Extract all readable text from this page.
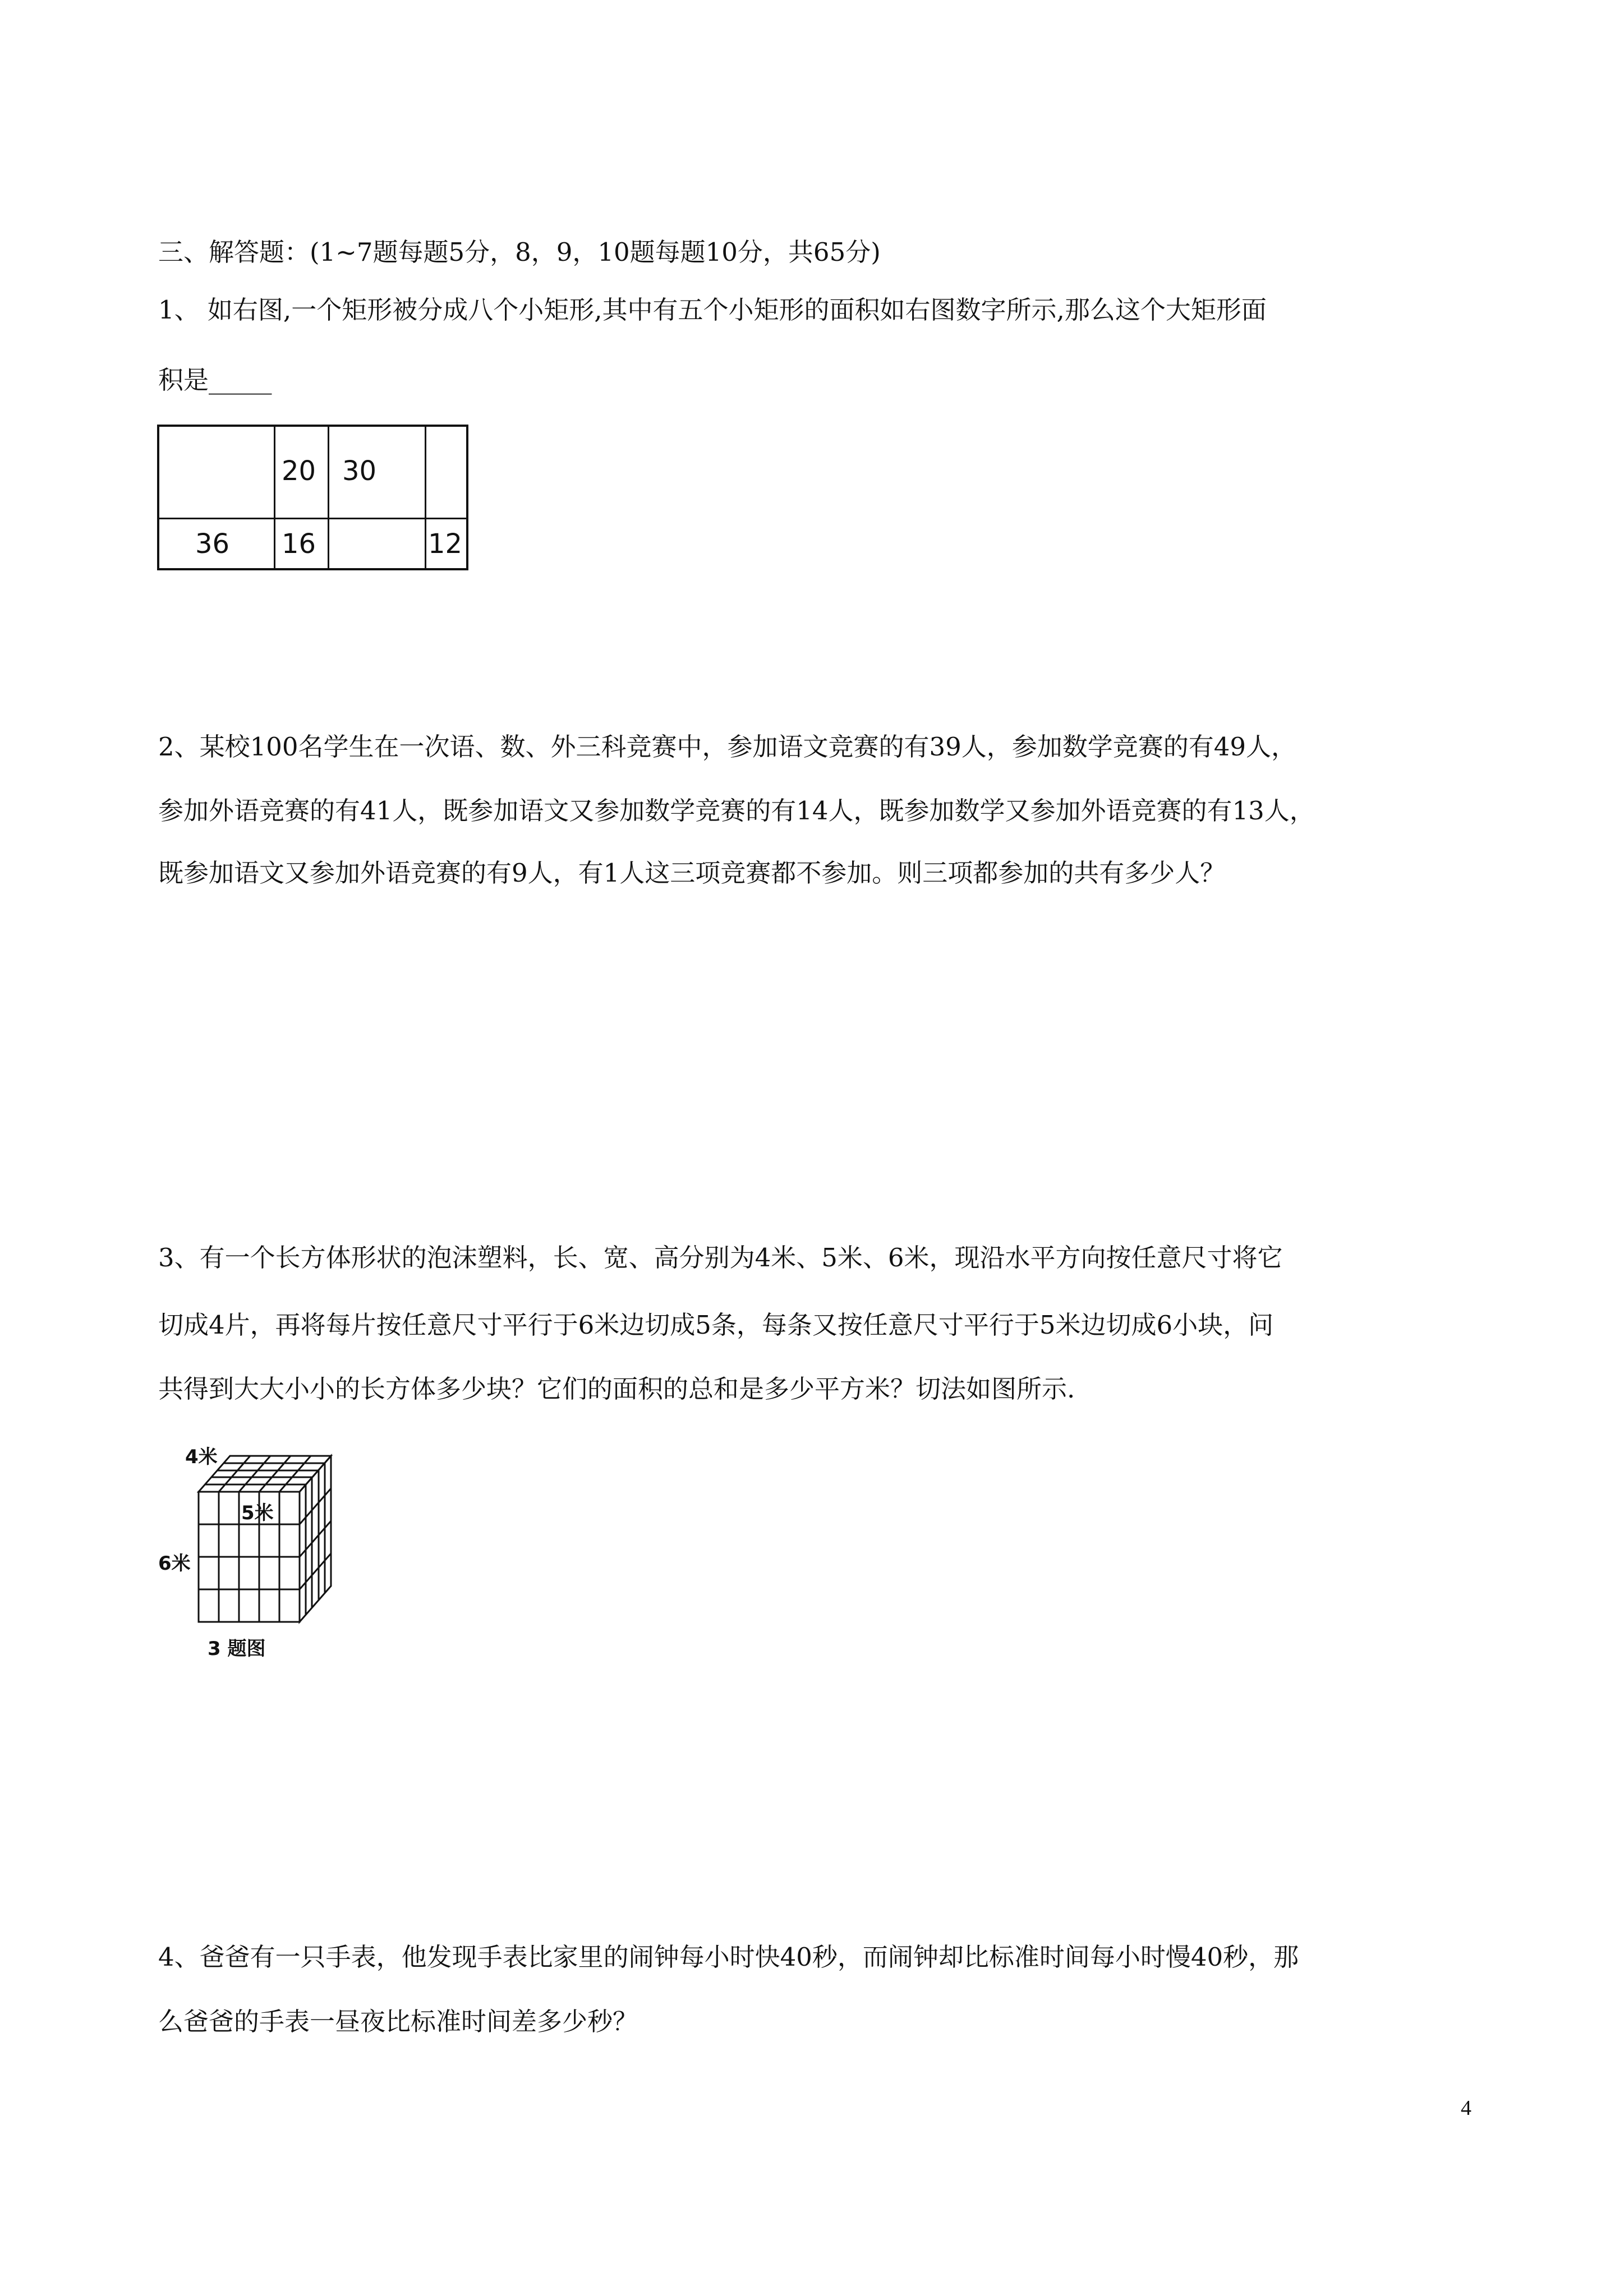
三、解答题：(1~7题每题5分，8，9，10题每题10分，共65分)
1、 如右图,一个矩形被分成八个小矩形,其中有五个小矩形的面积如右图数字所示,那么这个大矩形面
积是_____
20 30
36 16	12
2、某校100名学生在一次语、数、外三科竞赛中，参加语文竞赛的有39人，参加数学竞赛的有49人，
参加外语竞赛的有41人，既参加语文又参加数学竞赛的有14人，既参加数学又参加外语竞赛的有13人，
既参加语文又参加外语竞赛的有9人，有1人这三项竞赛都不参加。则三项都参加的共有多少人？
3、有一个长方体形状的泡沫塑料，长、宽、高分别为4米、5米、6米，现沿水平方向按任意尺寸将它
切成4片，再将每片按任意尺寸平行于6米边切成5条，每条又按任意尺寸平行于5米边切成6小块，问
共得到大大小小的长方体多少块？它们的面积的总和是多少平方米？切法如图所示.
4米
5米
6米
3 题图
4、爸爸有一只手表，他发现手表比家里的闹钟每小时快40秒，而闹钟却比标准时间每小时慢40秒，那
么爸爸的手表一昼夜比标准时间差多少秒？
4
